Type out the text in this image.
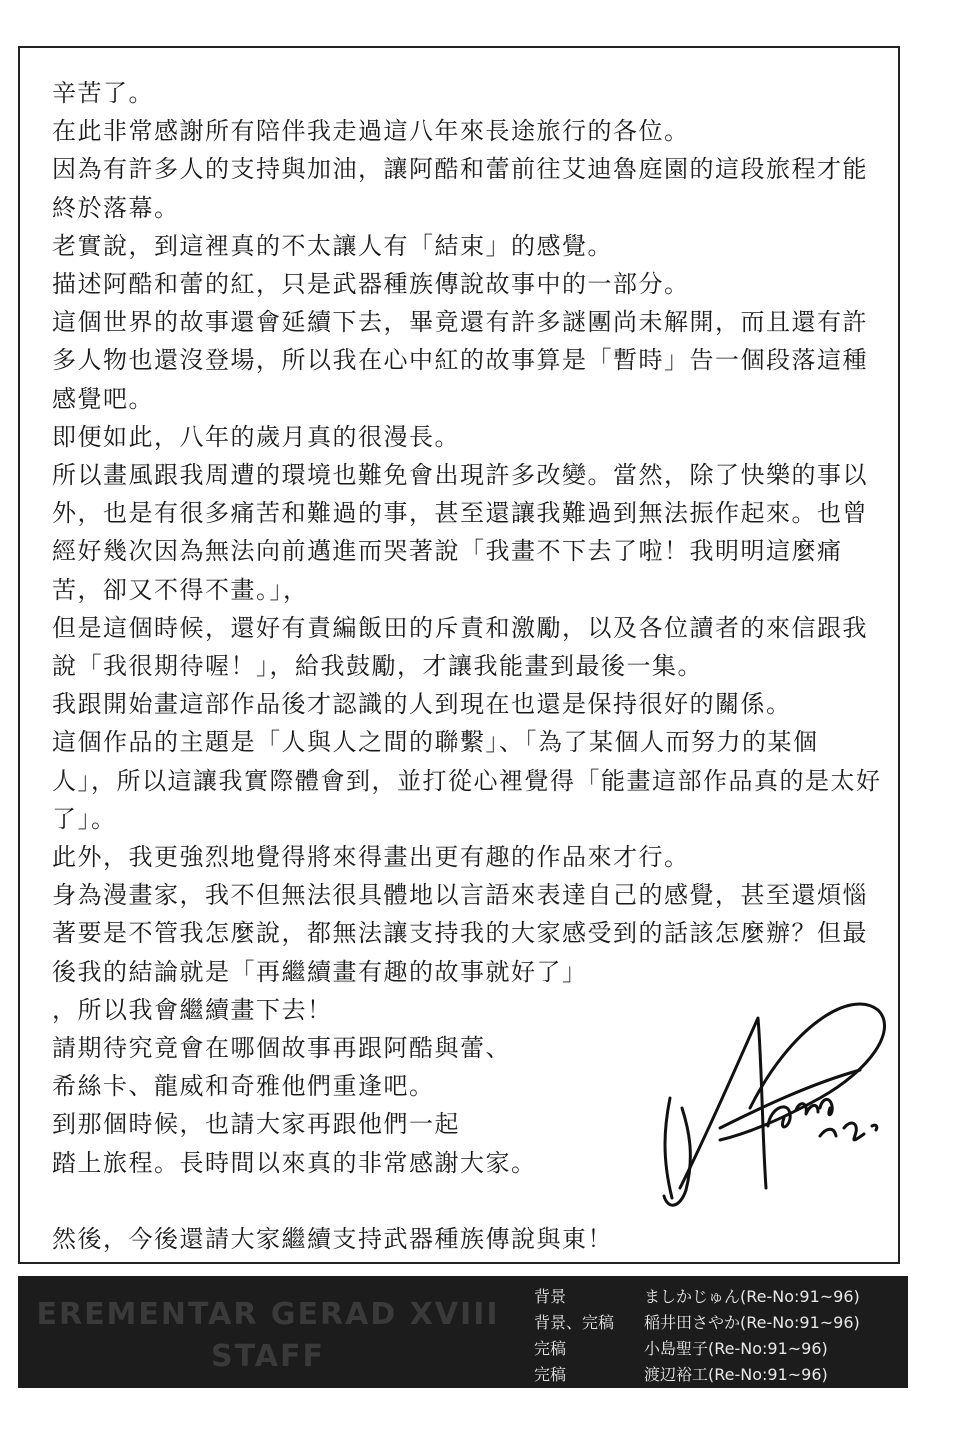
辛苦了。

在此非常感謝所有陪伴我走過這八年來長途旅行的各位。

因為有許多人的支持與加油，讓阿酷和蕾前往艾迪魯庭園的這段旅程才能終於落幕。

老實說，到這裡真的不太讓人有「結束」的感覺。

描述阿酷和蕾的紅，只是武器種族傳說故事中的一部分。

這個世界的故事還會延續下去，畢竟還有許多謎團尚未解開，而且還有許多人物也還沒登場，所以我在心中紅的故事算是「暫時」告一個段落這種感覺吧。

即便如此，八年的歲月真的很漫長。

所以畫風跟我周遭的環境也難免會出現許多改變。當然，除了快樂的事以外，也是有很多痛苦和難過的事，甚至還讓我難過到無法振作起來。也曾經好幾次因為無法向前邁進而哭著說「我畫不下去了啦！我明明這麼痛苦，卻又不得不畫。」，

但是這個時候，還好有責編飯田的斥責和激勵，以及各位讀者的來信跟我說「我很期待喔！」，給我鼓勵，才讓我能畫到最後一集。

我跟開始畫這部作品後才認識的人到現在也還是保持很好的關係。

這個作品的主題是「人與人之間的聯繫」、「為了某個人而努力的某個人」，所以這讓我實際體會到，並打從心裡覺得「能畫這部作品真的是太好了」。

此外，我更強烈地覺得將來得畫出更有趣的作品來才行。

身為漫畫家，我不但無法很具體地以言語來表達自己的感覺，甚至還煩惱著要是不管我怎麼說，都無法讓支持我的大家感受到的話該怎麼辦？但最後我的結論就是「再繼續畫有趣的故事就好了」

，所以我會繼續畫下去！

請期待究竟會在哪個故事再跟阿酷與蕾、

希絲卡、龍威和奇雅他們重逢吧。

到那個時候，也請大家再跟他們一起

踏上旅程。長時間以來真的非常感謝大家。

然後，今後還請大家繼續支持武器種族傳說與東！

EREMENTAR GERAD XVIII
STAFF
背景	ましかじゅん(Re-No:91~96)
背景、完稿	稲井田さやか(Re-No:91~96)
完稿	小島聖子(Re-No:91~96)
完稿	渡辺裕工(Re-No:91~96)
